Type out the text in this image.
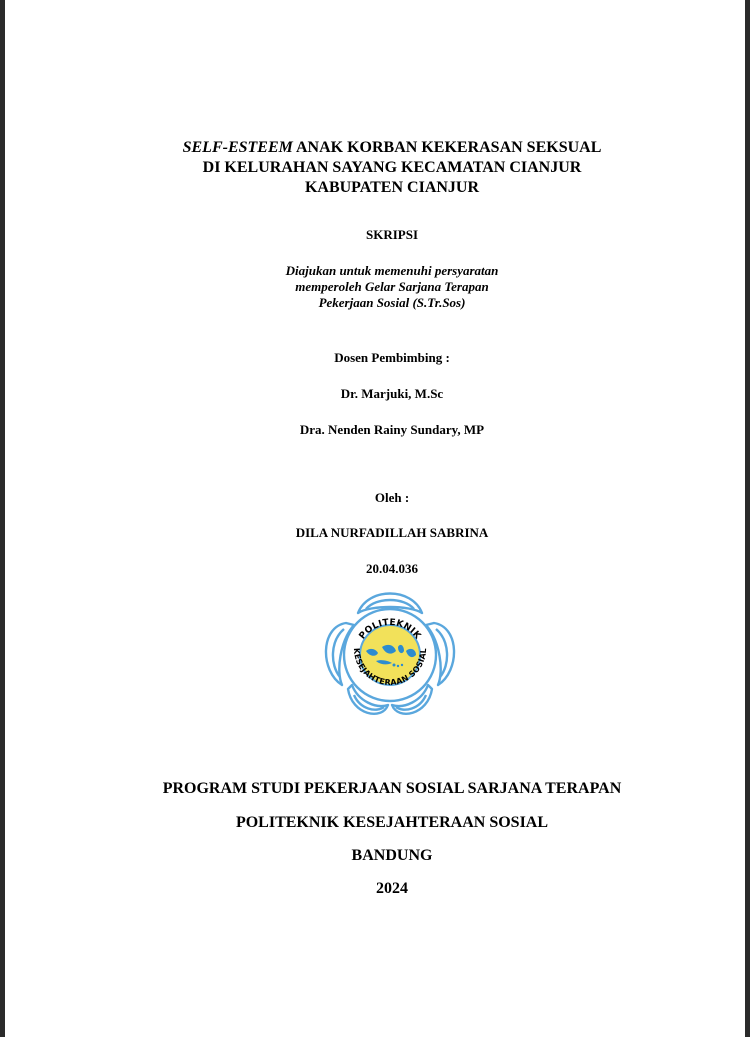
SELF-ESTEEM ANAK KORBAN KEKERASAN SEKSUAL
DI KELURAHAN SAYANG KECAMATAN CIANJUR
KABUPATEN CIANJUR
SKRIPSI
Diajukan untuk memenuhi persyaratan
memperoleh Gelar Sarjana Terapan
Pekerjaan Sosial (S.Tr.Sos)
Dosen Pembimbing :
Dr. Marjuki, M.Sc
Dra. Nenden Rainy Sundary, MP
Oleh :
DILA NURFADILLAH SABRINA
20.04.036
POLITEKNIK
KESEJAHTERAAN SOSIAL
PROGRAM STUDI PEKERJAAN SOSIAL SARJANA TERAPAN
POLITEKNIK KESEJAHTERAAN SOSIAL
BANDUNG
2024
